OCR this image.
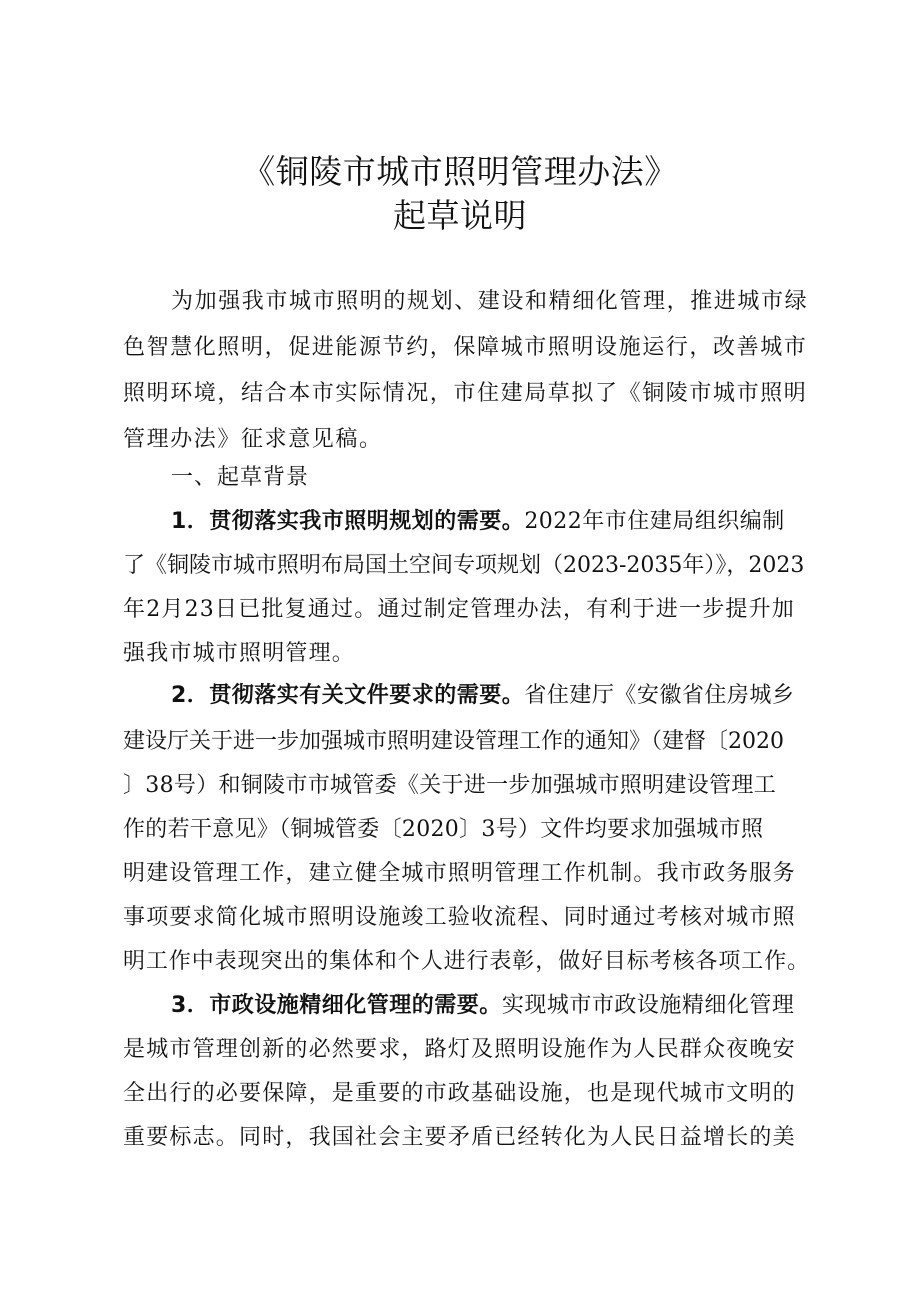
《铜陵市城市照明管理办法》
起草说明
为加强我市城市照明的规划、建设和精细化管理，推进城市绿
色智慧化照明，促进能源节约，保障城市照明设施运行，改善城市
照明环境，结合本市实际情况，市住建局草拟了《铜陵市城市照明
管理办法》征求意见稿。
一、起草背景
1．贯彻落实我市照明规划的需要。2022年市住建局组织编制
了《铜陵市城市照明布局国土空间专项规划（2023-2035年）》，2023
年2月23日已批复通过。通过制定管理办法，有利于进一步提升加
强我市城市照明管理。
2．贯彻落实有关文件要求的需要。省住建厅《安徽省住房城乡
建设厅关于进一步加强城市照明建设管理工作的通知》（建督〔2020
〕38号）和铜陵市市城管委《关于进一步加强城市照明建设管理工
作的若干意见》（铜城管委〔2020〕3号）文件均要求加强城市照
明建设管理工作，建立健全城市照明管理工作机制。我市政务服务
事项要求简化城市照明设施竣工验收流程、同时通过考核对城市照
明工作中表现突出的集体和个人进行表彰，做好目标考核各项工作。
3．市政设施精细化管理的需要。实现城市市政设施精细化管理
是城市管理创新的必然要求，路灯及照明设施作为人民群众夜晚安
全出行的必要保障，是重要的市政基础设施，也是现代城市文明的
重要标志。同时，我国社会主要矛盾已经转化为人民日益增长的美
